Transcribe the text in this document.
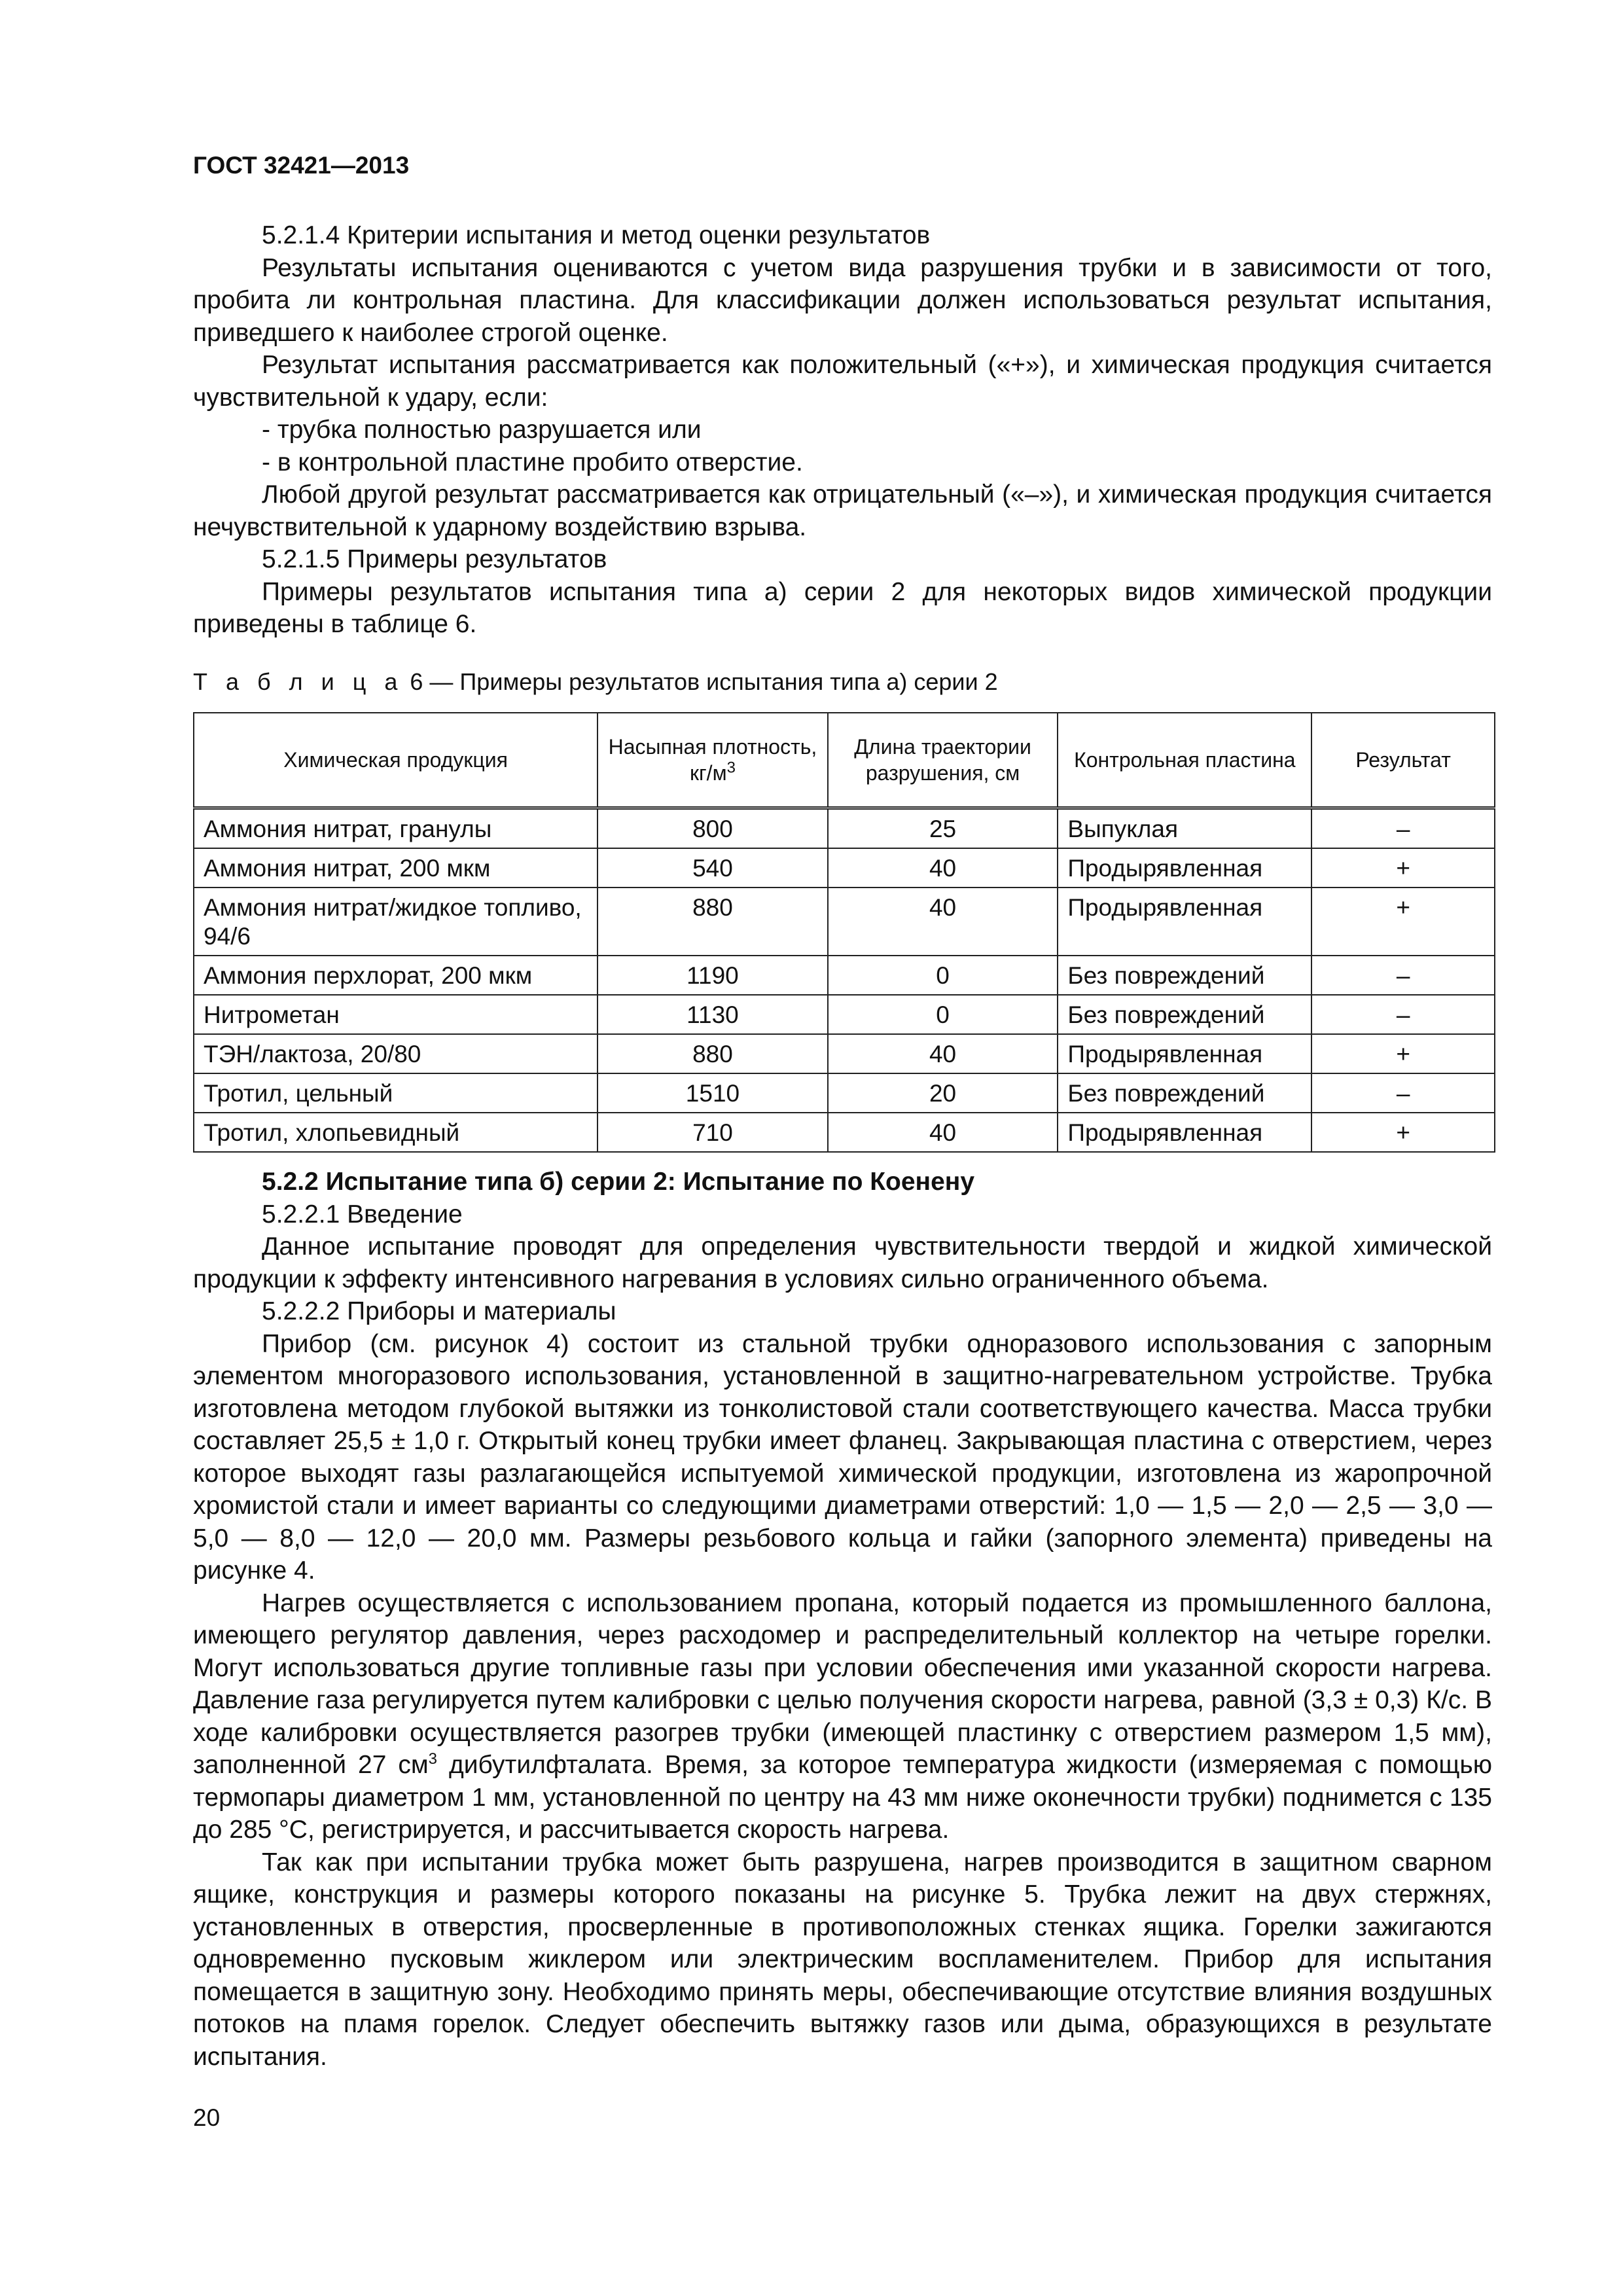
ГОСТ 32421—2013

5.2.1.4 Критерии испытания и метод оценки результатов

Результаты испытания оцениваются с учетом вида разрушения трубки и в зависимости от того, пробита ли контрольная пластина. Для классификации должен использоваться результат испытания, приведшего к наиболее строгой оценке.

Результат испытания рассматривается как положительный («+»), и химическая продукция считается чувствительной к удару, если:

- трубка полностью разрушается или

- в контрольной пластине пробито отверстие.

Любой другой результат рассматривается как отрицательный («–»), и химическая продукция считается нечувствительной к ударному воздействию взрыва.

5.2.1.5 Примеры результатов

Примеры результатов испытания типа а) серии 2 для некоторых видов химической продукции приведены в таблице 6.

Т а б л и ц а 6 — Примеры результатов испытания типа а) серии 2
Химическая продукция	Насыпная плотность, $кг/м^3$	Длина траектории разрушения, см	Контрольная пластина	Результат
Аммония нитрат, гранулы	800	25	Выпуклая	–
Аммония нитрат, 200 мкм	540	40	Продырявленная	+
Аммония нитрат/жидкое топливо, 94/6	880	40	Продырявленная	+
Аммония перхлорат, 200 мкм	1190	0	Без повреждений	–
Нитрометан	1130	0	Без повреждений	–
ТЭН/лактоза, 20/80	880	40	Продырявленная	+
Тротил, цельный	1510	20	Без повреждений	–
Тротил, хлопьевидный	710	40	Продырявленная	+

5.2.2 Испытание типа б) серии 2: Испытание по Коенену

5.2.2.1 Введение

Данное испытание проводят для определения чувствительности твердой и жидкой химической продукции к эффекту интенсивного нагревания в условиях сильно ограниченного объема.

5.2.2.2 Приборы и материалы

Прибор (см. рисунок 4) состоит из стальной трубки одноразового использования с запорным элементом многоразового использования, установленной в защитно-нагревательном устройстве. Трубка изготовлена методом глубокой вытяжки из тонколистовой стали соответствующего качества. Масса трубки составляет 25,5 ± 1,0 г. Открытый конец трубки имеет фланец. Закрывающая пластина с отверстием, через которое выходят газы разлагающейся испытуемой химической продукции, изготовлена из жаропрочной хромистой стали и имеет варианты со следующими диаметрами отверстий: 1,0 — 1,5 — 2,0 — 2,5 — 3,0 — 5,0 — 8,0 — 12,0 — 20,0 мм. Размеры резьбового кольца и гайки (запорного элемента) приведены на рисунке 4.

Нагрев осуществляется с использованием пропана, который подается из промышленного баллона, имеющего регулятор давления, через расходомер и распределительный коллектор на четыре горелки. Могут использоваться другие топливные газы при условии обеспечения ими указанной скорости нагрева. Давление газа регулируется путем калибровки с целью получения скорости нагрева, равной (3,3 ± 0,3) К/с. В ходе калибровки осуществляется разогрев трубки (имеющей пластинку с отверстием размером 1,5 мм), заполненной 27 $см^3$ дибутилфталата. Время, за которое температура жидкости (измеряемая с помощью термопары диаметром 1 мм, установленной по центру на 43 мм ниже оконечности трубки) поднимется с 135 до 285 °С, регистрируется, и рассчитывается скорость нагрева.

Так как при испытании трубка может быть разрушена, нагрев производится в защитном сварном ящике, конструкция и размеры которого показаны на рисунке 5. Трубка лежит на двух стержнях, установленных в отверстия, просверленные в противоположных стенках ящика. Горелки зажигаются одновременно пусковым жиклером или электрическим воспламенителем. Прибор для испытания помещается в защитную зону. Необходимо принять меры, обеспечивающие отсутствие влияния воздушных потоков на пламя горелок. Следует обеспечить вытяжку газов или дыма, образующихся в результате испытания.

20
